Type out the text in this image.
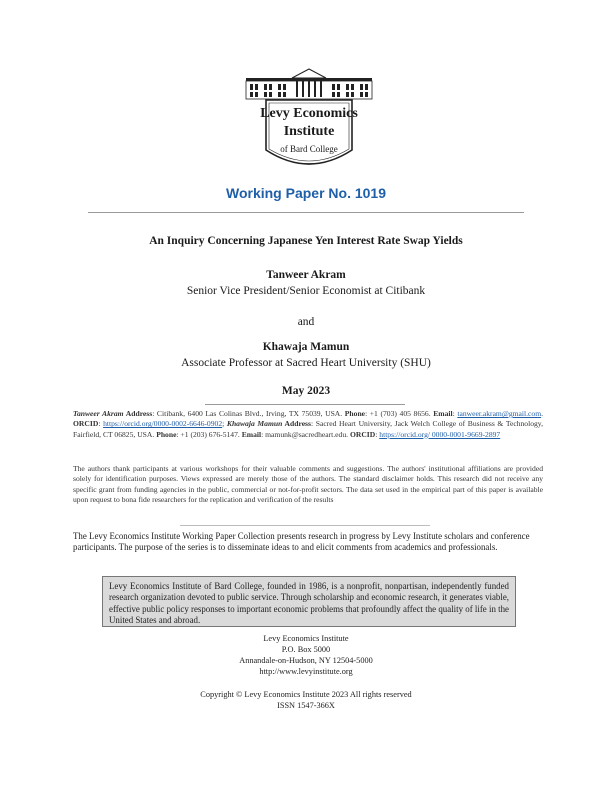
Levy Economics
Institute
of Bard College
Working Paper No. 1019
An Inquiry Concerning Japanese Yen Interest Rate Swap Yields
Tanweer Akram
Senior Vice President/Senior Economist at Citibank
and
Khawaja Mamun
Associate Professor at Sacred Heart University (SHU)
May 2023
Tanweer Akram Address: Citibank, 6400 Las Colinas Blvd., Irving, TX 75039, USA. Phone: +1 (703) 405 8656. Email: tanweer.akram@gmail.com. ORCID: https://orcid.org/0000-0002-6646-0902; Khawaja Mamun Address: Sacred Heart University, Jack Welch College of Business & Technology, Fairfield, CT 06825, USA. Phone: +1 (203) 676-5147. Email: mamunk@sacredheart.edu. ORCID: https://orcid.org/ 0000-0001-9669-2897
The authors thank participants at various workshops for their valuable comments and suggestions. The authors' institutional affiliations are provided solely for identification purposes. Views expressed are merely those of the authors. The standard disclaimer holds. This research did not receive any specific grant from funding agencies in the public, commercial or not-for-profit sectors. The data set used in the empirical part of this paper is available upon request to bona fide researchers for the replication and verification of the results
The Levy Economics Institute Working Paper Collection presents research in progress by Levy Institute scholars and conference participants. The purpose of the series is to disseminate ideas to and elicit comments from academics and professionals.
Levy Economics Institute of Bard College, founded in 1986, is a nonprofit, nonpartisan, independently funded research organization devoted to public service. Through scholarship and economic research, it generates viable, effective public policy responses to important economic problems that profoundly affect the quality of life in the United States and abroad.
Levy Economics Institute
P.O. Box 5000
Annandale-on-Hudson, NY 12504-5000
http://www.levyinstitute.org
Copyright © Levy Economics Institute 2023 All rights reserved
ISSN 1547-366X
